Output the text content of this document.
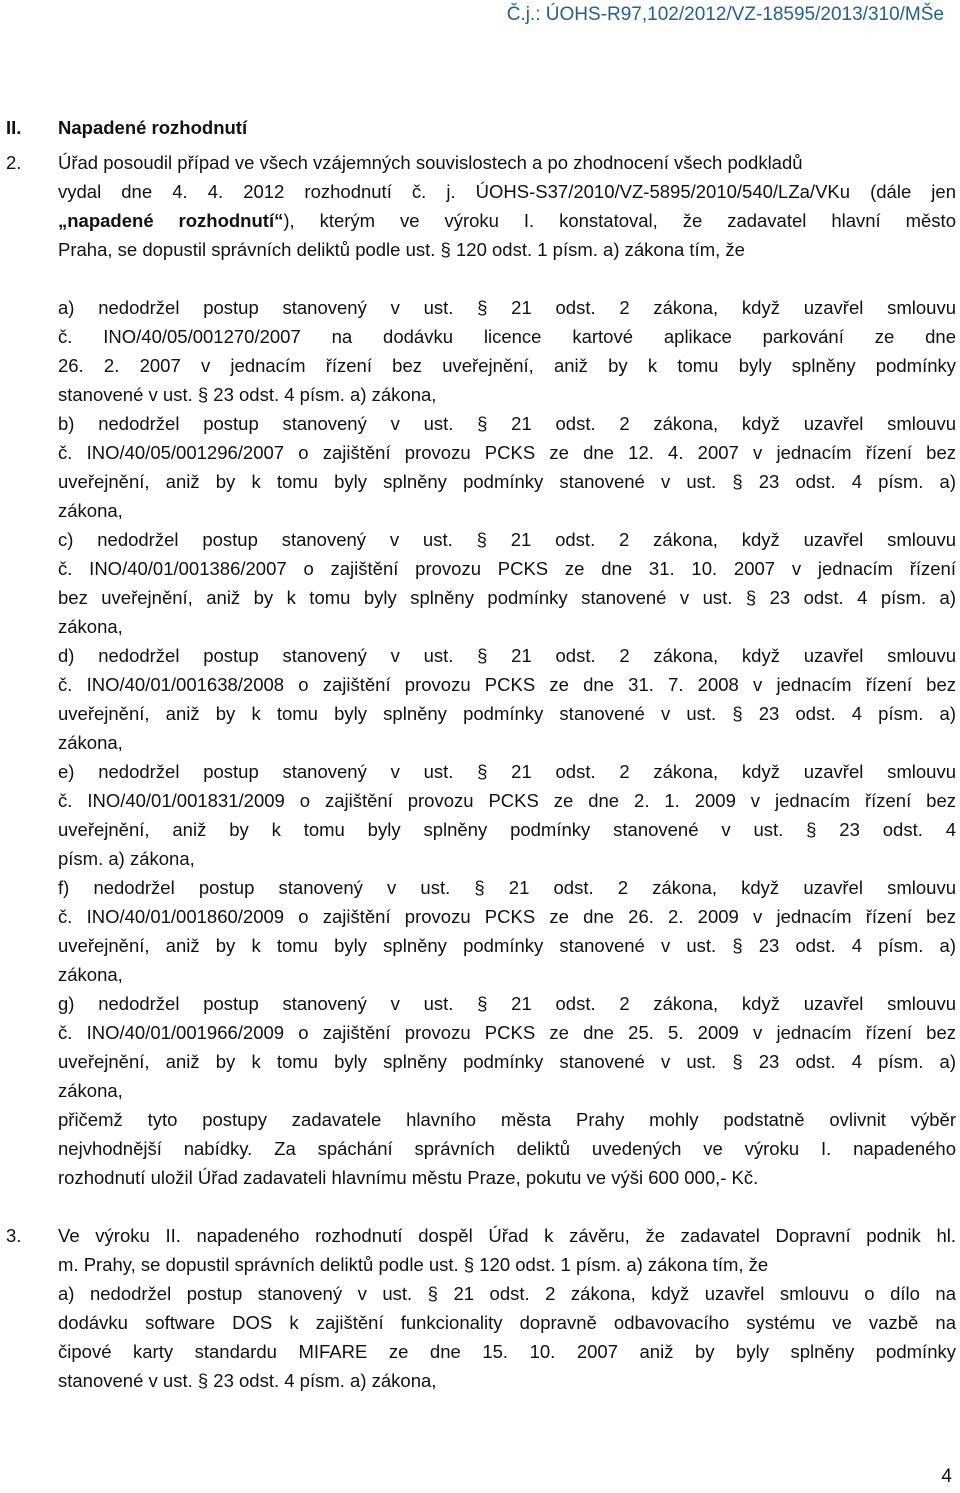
Č.j.: ÚOHS-R97,102/2012/VZ-18595/2013/310/MŠe
II. Napadené rozhodnutí
2. Úřad posoudil případ ve všech vzájemných souvislostech a po zhodnocení všech podkladů
vydal dne 4. 4. 2012 rozhodnutí č. j. ÚOHS-S37/2010/VZ-5895/2010/540/LZa/VKu (dále jen
„napadené rozhodnutí“), kterým ve výroku I. konstatoval, že zadavatel hlavní město
Praha, se dopustil správních deliktů podle ust. § 120 odst. 1 písm. a) zákona tím, že
a) nedodržel postup stanovený v ust. § 21 odst. 2 zákona, když uzavřel smlouvu
č. INO/40/05/001270/2007 na dodávku licence kartové aplikace parkování ze dne
26. 2. 2007 v jednacím řízení bez uveřejnění, aniž by k tomu byly splněny podmínky
stanovené v ust. § 23 odst. 4 písm. a) zákona,
b) nedodržel postup stanovený v ust. § 21 odst. 2 zákona, když uzavřel smlouvu
č. INO/40/05/001296/2007 o zajištění provozu PCKS ze dne 12. 4. 2007 v jednacím řízení bez
uveřejnění, aniž by k tomu byly splněny podmínky stanovené v ust. § 23 odst. 4 písm. a)
zákona,
c) nedodržel postup stanovený v ust. § 21 odst. 2 zákona, když uzavřel smlouvu
č. INO/40/01/001386/2007 o zajištění provozu PCKS ze dne 31. 10. 2007 v jednacím řízení
bez uveřejnění, aniž by k tomu byly splněny podmínky stanovené v ust. § 23 odst. 4 písm. a)
zákona,
d) nedodržel postup stanovený v ust. § 21 odst. 2 zákona, když uzavřel smlouvu
č. INO/40/01/001638/2008 o zajištění provozu PCKS ze dne 31. 7. 2008 v jednacím řízení bez
uveřejnění, aniž by k tomu byly splněny podmínky stanovené v ust. § 23 odst. 4 písm. a)
zákona,
e) nedodržel postup stanovený v ust. § 21 odst. 2 zákona, když uzavřel smlouvu
č. INO/40/01/001831/2009 o zajištění provozu PCKS ze dne 2. 1. 2009 v jednacím řízení bez
uveřejnění, aniž by k tomu byly splněny podmínky stanovené v ust. § 23 odst. 4
písm. a) zákona,
f) nedodržel postup stanovený v ust. § 21 odst. 2 zákona, když uzavřel smlouvu
č. INO/40/01/001860/2009 o zajištění provozu PCKS ze dne 26. 2. 2009 v jednacím řízení bez
uveřejnění, aniž by k tomu byly splněny podmínky stanovené v ust. § 23 odst. 4 písm. a)
zákona,
g) nedodržel postup stanovený v ust. § 21 odst. 2 zákona, když uzavřel smlouvu
č. INO/40/01/001966/2009 o zajištění provozu PCKS ze dne 25. 5. 2009 v jednacím řízení bez
uveřejnění, aniž by k tomu byly splněny podmínky stanovené v ust. § 23 odst. 4 písm. a)
zákona,
přičemž tyto postupy zadavatele hlavního města Prahy mohly podstatně ovlivnit výběr
nejvhodnější nabídky. Za spáchání správních deliktů uvedených ve výroku I. napadeného
rozhodnutí uložil Úřad zadavateli hlavnímu městu Praze, pokutu ve výši 600 000,- Kč.
3. Ve výroku II. napadeného rozhodnutí dospěl Úřad k závěru, že zadavatel Dopravní podnik hl.
m. Prahy, se dopustil správních deliktů podle ust. § 120 odst. 1 písm. a) zákona tím, že
a) nedodržel postup stanovený v ust. § 21 odst. 2 zákona, když uzavřel smlouvu o dílo na
dodávku software DOS k zajištění funkcionality dopravně odbavovacího systému ve vazbě na
čipové karty standardu MIFARE ze dne 15. 10. 2007 aniž by byly splněny podmínky
stanovené v ust. § 23 odst. 4 písm. a) zákona,
4
